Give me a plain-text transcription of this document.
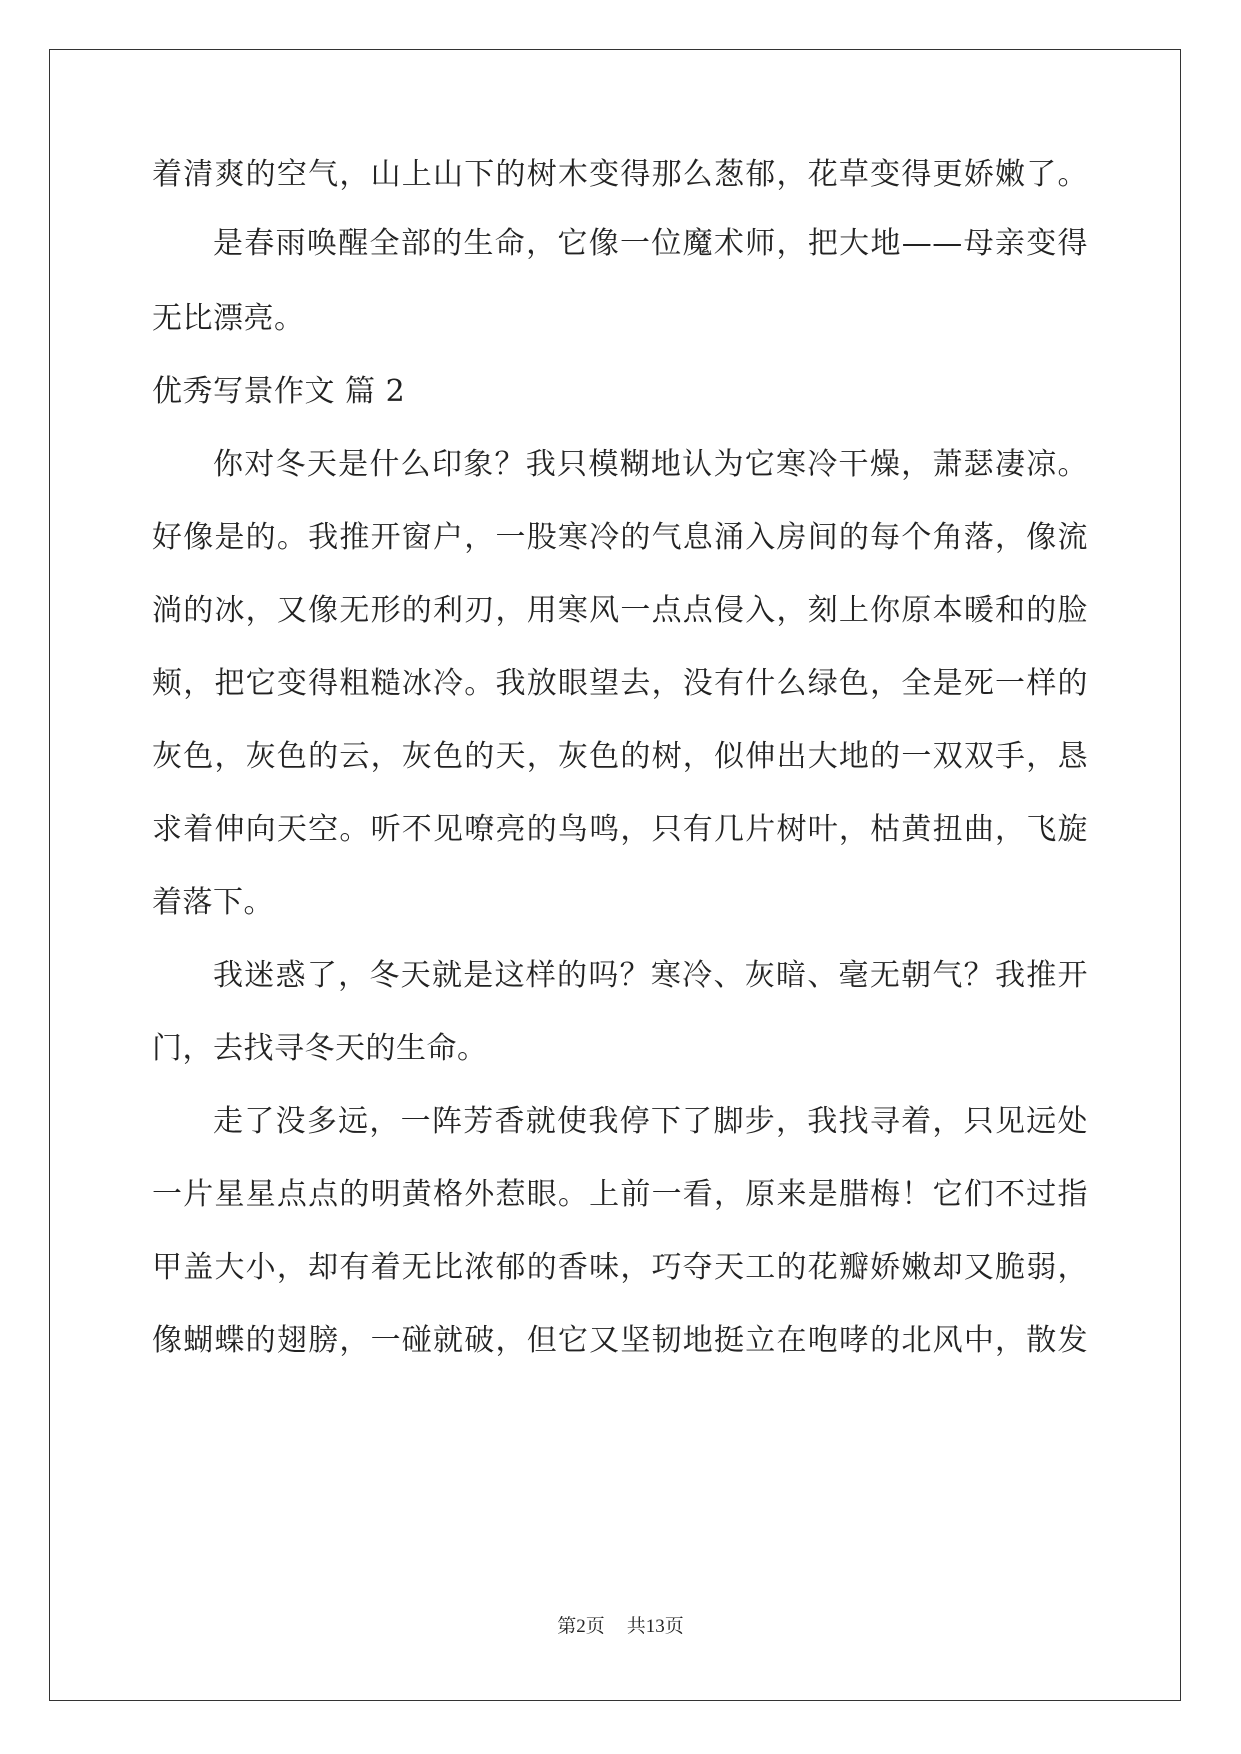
着清爽的空气，山上山下的树木变得那么葱郁，花草变得更娇嫩了。
是春雨唤醒全部的生命，它像一位魔术师，把大地——母亲变得
无比漂亮。
优秀写景作文 篇 2
你对冬天是什么印象？我只模糊地认为它寒冷干燥，萧瑟凄凉。
好像是的。我推开窗户，一股寒冷的气息涌入房间的每个角落，像流
淌的冰，又像无形的利刃，用寒风一点点侵入，刻上你原本暖和的脸
颊，把它变得粗糙冰冷。我放眼望去，没有什么绿色，全是死一样的
灰色，灰色的云，灰色的天，灰色的树，似伸出大地的一双双手，恳
求着伸向天空。听不见嘹亮的鸟鸣，只有几片树叶，枯黄扭曲，飞旋
着落下。
我迷惑了，冬天就是这样的吗？寒冷、灰暗、毫无朝气？我推开
门，去找寻冬天的生命。
走了没多远，一阵芳香就使我停下了脚步，我找寻着，只见远处
一片星星点点的明黄格外惹眼。上前一看，原来是腊梅！它们不过指
甲盖大小，却有着无比浓郁的香味，巧夺天工的花瓣娇嫩却又脆弱，
像蝴蝶的翅膀，一碰就破，但它又坚韧地挺立在咆哮的北风中，散发
第2页 共13页
